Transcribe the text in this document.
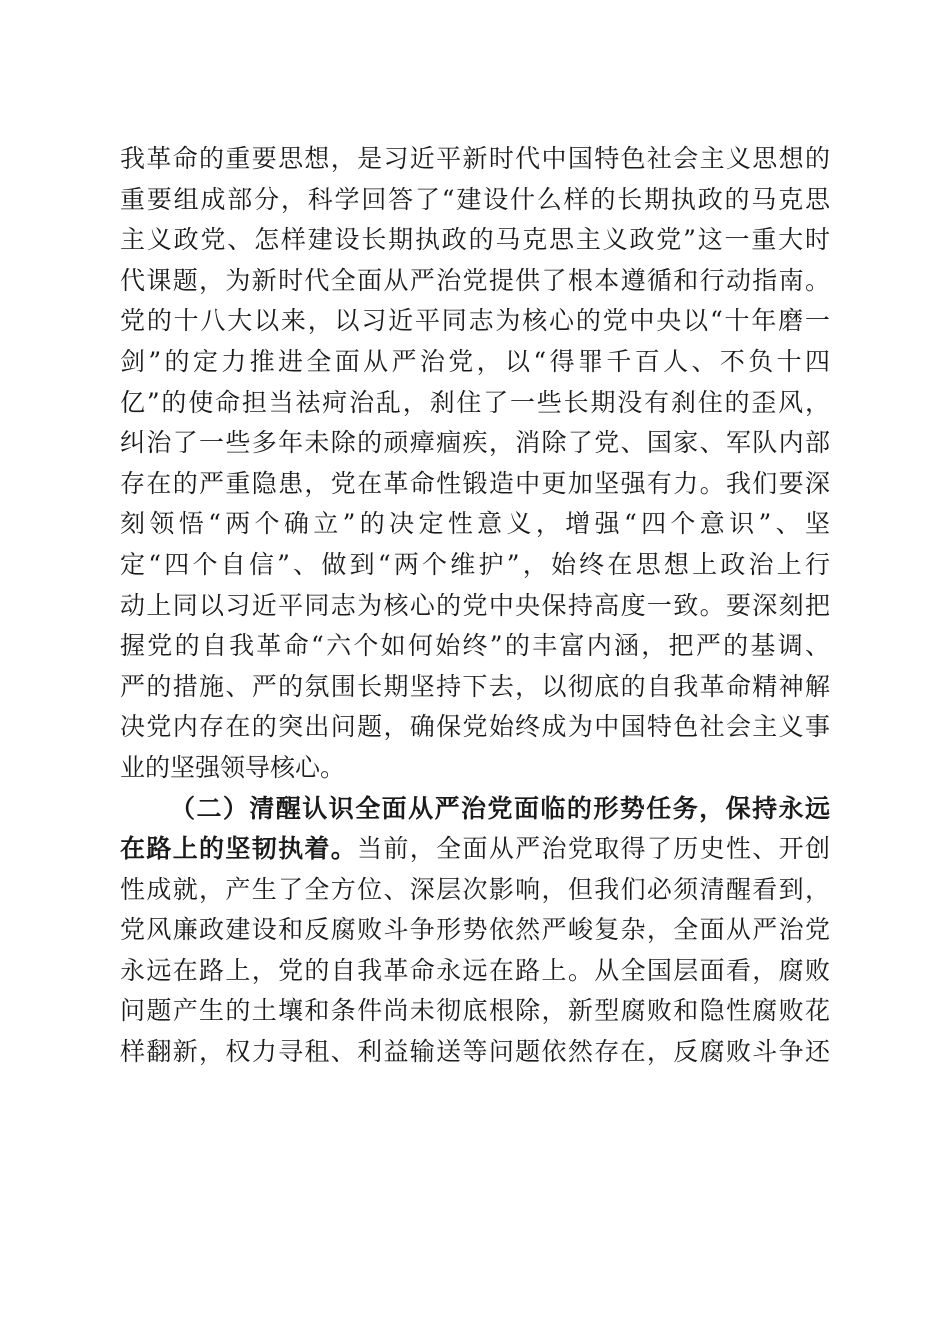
我革命的重要思想，是习近平新时代中国特色社会主义思想的
重要组成部分，科学回答了“建设什么样的长期执政的马克思
主义政党、怎样建设长期执政的马克思主义政党”这一重大时
代课题，为新时代全面从严治党提供了根本遵循和行动指南。
党的十八大以来，以习近平同志为核心的党中央以“十年磨一
剑”的定力推进全面从严治党，以“得罪千百人、不负十四
亿”的使命担当祛疴治乱，刹住了一些长期没有刹住的歪风，
纠治了一些多年未除的顽瘴痼疾，消除了党、国家、军队内部
存在的严重隐患，党在革命性锻造中更加坚强有力。我们要深
刻领悟“两个确立”的决定性意义，增强“四个意识”、坚
定“四个自信”、做到“两个维护”，始终在思想上政治上行
动上同以习近平同志为核心的党中央保持高度一致。要深刻把
握党的自我革命“六个如何始终”的丰富内涵，把严的基调、
严的措施、严的氛围长期坚持下去，以彻底的自我革命精神解
决党内存在的突出问题，确保党始终成为中国特色社会主义事
业的坚强领导核心。
（二）清醒认识全面从严治党面临的形势任务，保持永远
在路上的坚韧执着。当前，全面从严治党取得了历史性、开创
性成就，产生了全方位、深层次影响，但我们必须清醒看到，
党风廉政建设和反腐败斗争形势依然严峻复杂，全面从严治党
永远在路上，党的自我革命永远在路上。从全国层面看，腐败
问题产生的土壤和条件尚未彻底根除，新型腐败和隐性腐败花
样翻新，权力寻租、利益输送等问题依然存在，反腐败斗争还
